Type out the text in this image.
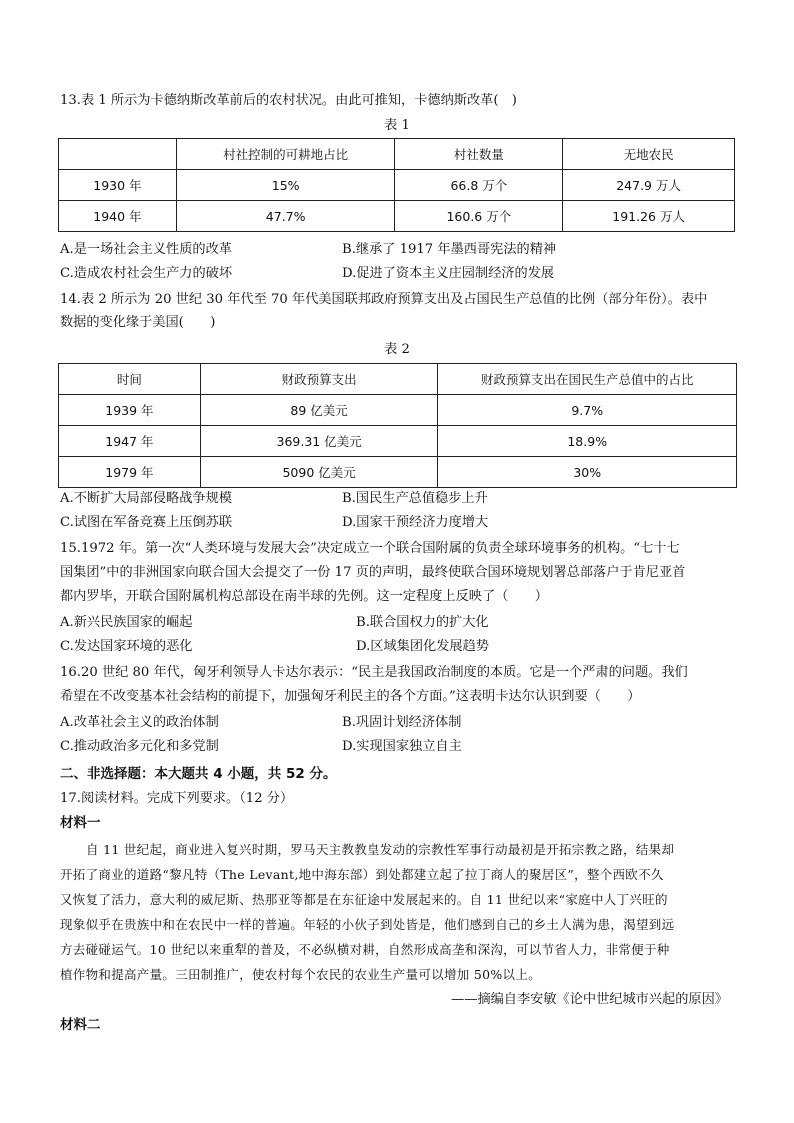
13.表 1 所示为卡德纳斯改革前后的农村状况。由此可推知，卡德纳斯改革(　)
表 1
	村社控制的可耕地占比	村社数量	无地农民
1930 年	15%	66.8 万个	247.9 万人
1940 年	47.7%	160.6 万个	191.26 万人
A.是一场社会主义性质的改革	B.继承了 1917 年墨西哥宪法的精神
C.造成农村社会生产力的破坏	D.促进了资本主义庄园制经济的发展
14.表 2 所示为 20 世纪 30 年代至 70 年代美国联邦政府预算支出及占国民生产总值的比例（部分年份）。表中
数据的变化缘于美国(　　)
表 2
时间	财政预算支出	财政预算支出在国民生产总值中的占比
1939 年	89 亿美元	9.7%
1947 年	369.31 亿美元	18.9%
1979 年	5090 亿美元	30%
A.不断扩大局部侵略战争规模	B.国民生产总值稳步上升
C.试图在军备竞赛上压倒苏联	D.国家干预经济力度增大
15.1972 年。第一次“人类环境与发展大会”决定成立一个联合国附属的负责全球环境事务的机构。“七十七
国集团”中的非洲国家向联合国大会提交了一份 17 页的声明，最终使联合国环境规划署总部落户于肯尼亚首
都内罗毕，开联合国附属机构总部设在南半球的先例。这一定程度上反映了（　　）
A.新兴民族国家的崛起	B.联合国权力的扩大化
C.发达国家环境的恶化	D.区域集团化发展趋势
16.20 世纪 80 年代，匈牙利领导人卡达尔表示：“民主是我国政治制度的本质。它是一个严肃的问题。我们
希望在不改变基本社会结构的前提下，加强匈牙利民主的各个方面。”这表明卡达尔认识到要（　　）
A.改革社会主义的政治体制	B.巩固计划经济体制
C.推动政治多元化和多党制	D.实现国家独立自主
二、非选择题：本大题共 4 小题，共 52 分。
17.阅读材料。完成下列要求。（12 分）
材料一
自 11 世纪起，商业进入复兴时期，罗马天主教教皇发动的宗教性军事行动最初是开拓宗教之路，结果却
开拓了商业的道路“黎凡特（The Levant,地中海东部）到处都建立起了拉丁商人的聚居区”，整个西欧不久
又恢复了活力，意大利的威尼斯、热那亚等都是在东征途中发展起来的。自 11 世纪以来“家庭中人丁兴旺的
现象似乎在贵族中和在农民中一样的普遍。年轻的小伙子到处皆是，他们感到自己的乡土人满为患，渴望到远
方去碰碰运气。10 世纪以来重犁的普及，不必纵横对耕，自然形成高垄和深沟，可以节省人力，非常便于种
植作物和提高产量。三田制推广，使农村每个农民的农业生产量可以增加 50%以上。
——摘编自李安敏《论中世纪城市兴起的原因》
材料二
